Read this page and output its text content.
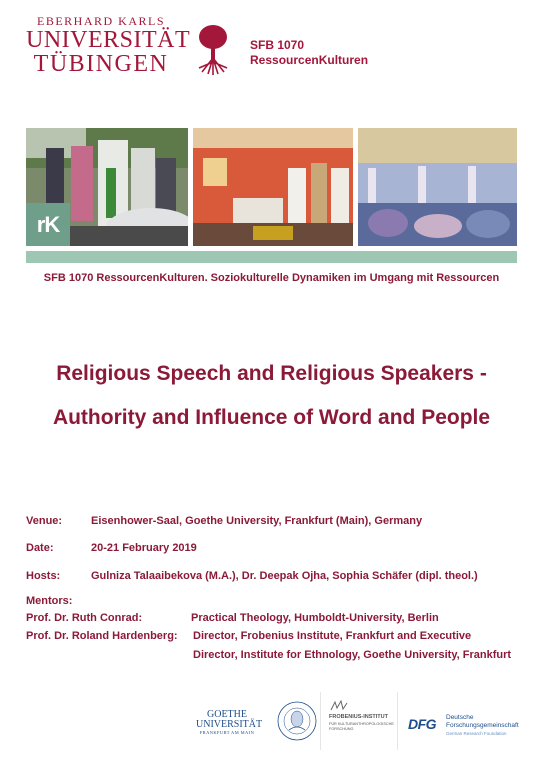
EBERHARD KARLS
UNIVERSITÄT
TÜBINGEN
SFB 1070
RessourcenKulturen
rK
SFB 1070 RessourcenKulturen. Soziokulturelle Dynamiken im Umgang mit Ressourcen
Religious Speech and Religious Speakers -
Authority and Influence of Word and People
Venue:	Eisenhower-Saal, Goethe University, Frankfurt (Main), Germany
Date:	20-21 February 2019
Hosts:	Gulniza Talaaibekova (M.A.), Dr. Deepak Ojha, Sophia Schäfer (dipl. theol.)
Mentors:
Prof. Dr. Ruth Conrad:	Practical Theology, Humboldt-University, Berlin
Prof. Dr. Roland Hardenberg: Director, Frobenius Institute, Frankfurt and Executive
Director, Institute for Ethnology, Goethe University, Frankfurt
GOETHE
UNIVERSITÄT
FRANKFURT AM MAIN
FROBENIUS-INSTITUT
FÜR KULTURANTHROPOLOGISCHE FORSCHUNG	DFG Deutsche
Forschungsgemeinschaft
German Research Foundation
